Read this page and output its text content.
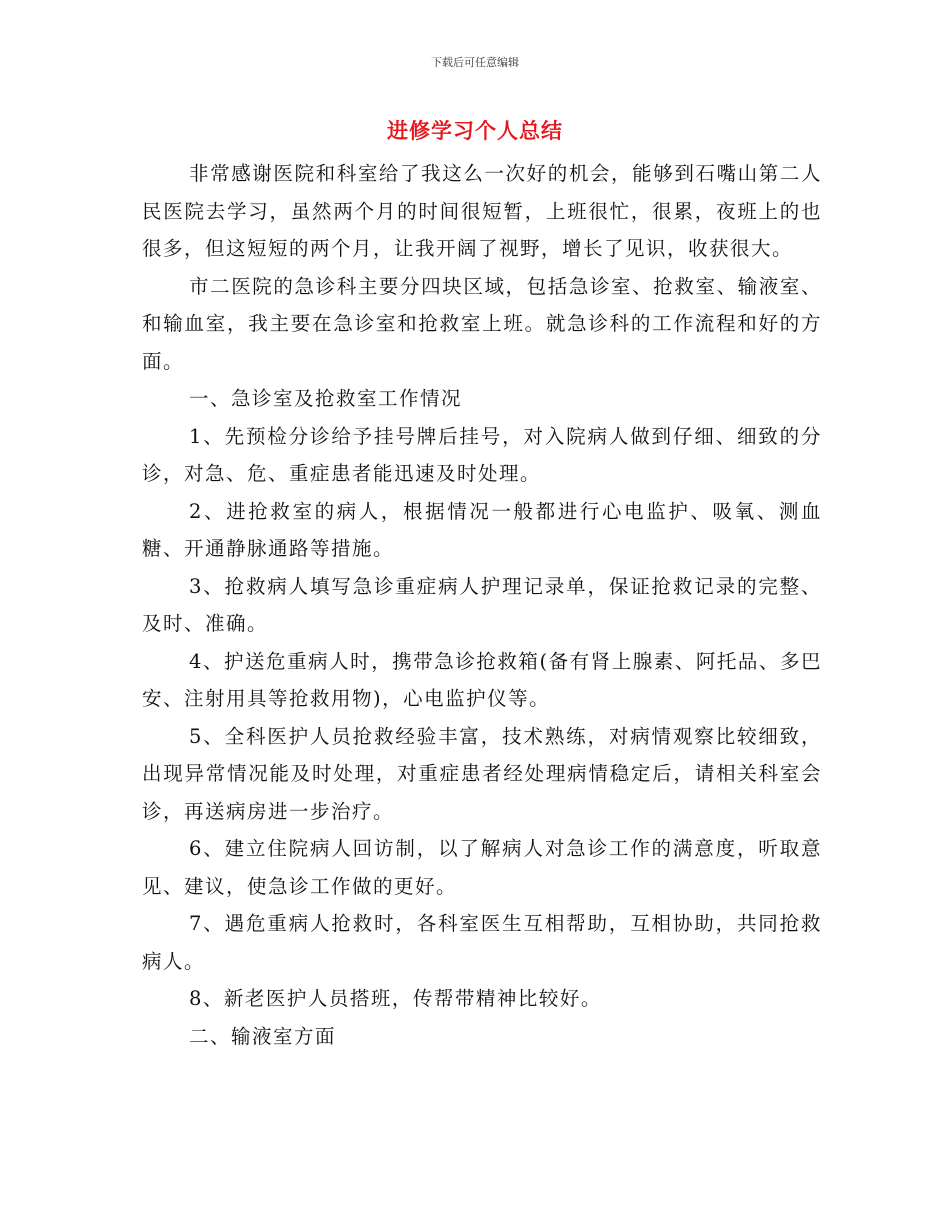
下载后可任意编辑
进修学习个人总结

非常感谢医院和科室给了我这么一次好的机会，能够到石嘴山第二人民医院去学习，虽然两个月的时间很短暂，上班很忙，很累，夜班上的也很多，但这短短的两个月，让我开阔了视野，增长了见识，收获很大。

市二医院的急诊科主要分四块区域，包括急诊室、抢救室、输液室、和输血室，我主要在急诊室和抢救室上班。就急诊科的工作流程和好的方面。

一、急诊室及抢救室工作情况

1、先预检分诊给予挂号牌后挂号，对入院病人做到仔细、细致的分诊，对急、危、重症患者能迅速及时处理。

2、进抢救室的病人，根据情况一般都进行心电监护、吸氧、测血糖、开通静脉通路等措施。

3、抢救病人填写急诊重症病人护理记录单，保证抢救记录的完整、及时、准确。

4、护送危重病人时，携带急诊抢救箱(备有肾上腺素、阿托品、多巴安、注射用具等抢救用物)，心电监护仪等。

5、全科医护人员抢救经验丰富，技术熟练，对病情观察比较细致，出现异常情况能及时处理，对重症患者经处理病情稳定后，请相关科室会诊，再送病房进一步治疗。

6、建立住院病人回访制，以了解病人对急诊工作的满意度，听取意见、建议，使急诊工作做的更好。

7、遇危重病人抢救时，各科室医生互相帮助，互相协助，共同抢救病人。

8、新老医护人员搭班，传帮带精神比较好。

二、输液室方面
